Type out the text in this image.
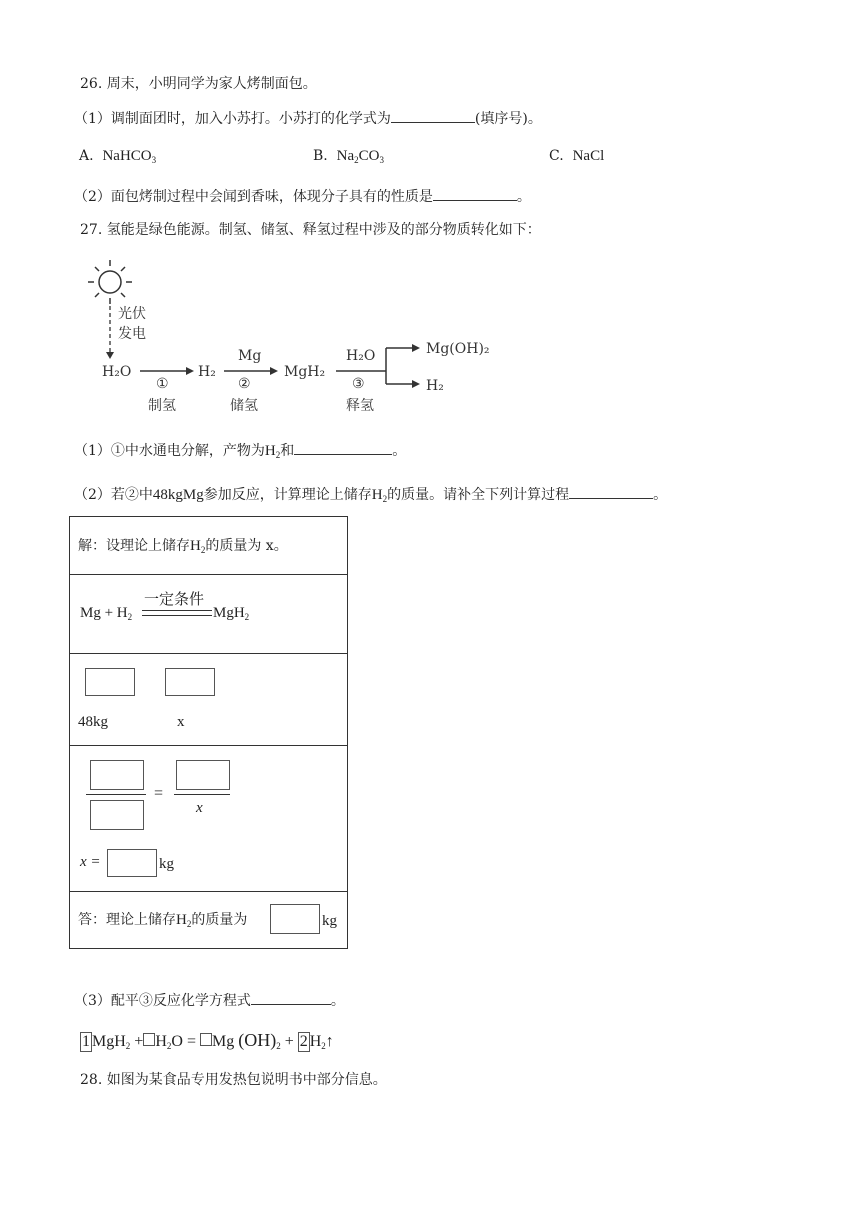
26. 周末，小明同学为家人烤制面包。
（1）调制面团时，加入小苏打。小苏打的化学式为	(填序号)。
A. NaHCO$_3$	B. $Na_2CO_3$	C. NaCl
（2）面包烤制过程中会闻到香味，体现分子具有的性质是	。
27. 氢能是绿色能源。制氢、储氢、释氢过程中涉及的部分物质转化如下：
光伏
发电
H₂O
①
制氢
H₂
Mg
②
储氢
MgH₂
H₂O
③
释氢
Mg(OH)₂
H₂
（1）①中水通电分解，产物为$H_2$和	。
（2）若②中48kgMg参加反应，计算理论上储存$H_2$的质量。请补全下列计算过程	。
解：设理论上储存$H_2$的质量为 x。
$Mg + H_2$
一定条件
MgH$_2$
48kg	x
=
x
x =	kg
答：理论上储存$H_2$的质量为	kg
（3）配平③反应化学方程式	。
1 $MgH_2 + H_2O = Mg$ $(OH)_2 + 2$ $H_2↑$
28. 如图为某食品专用发热包说明书中部分信息。
